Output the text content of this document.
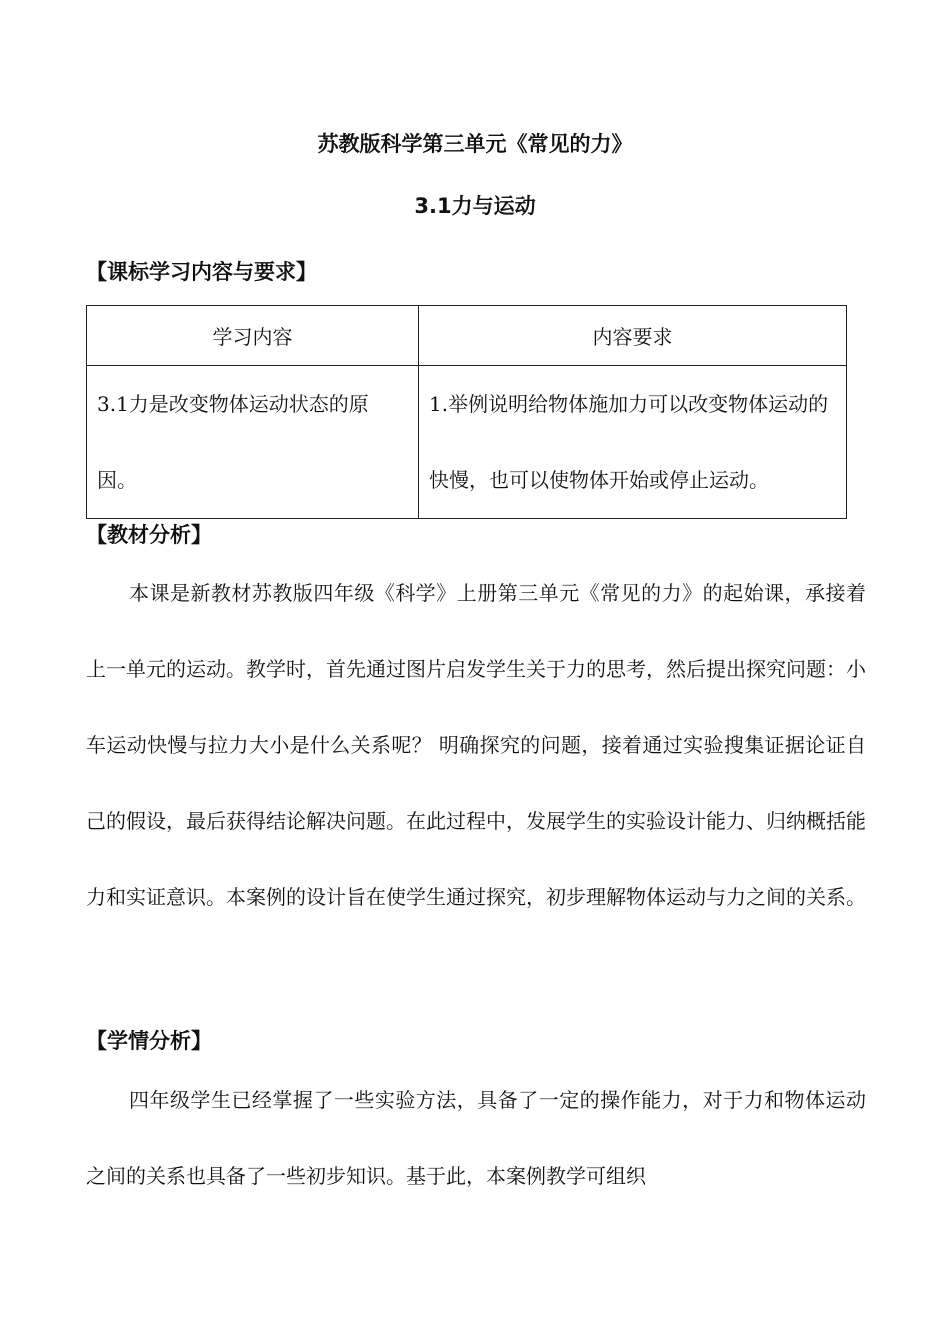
苏教版科学第三单元《常见的力》
3.1力与运动
【课标学习内容与要求】
学习内容	内容要求
3.1力是改变物体运动状态的原因。	1.举例说明给物体施加力可以改变物体运动的快慢，也可以使物体开始或停止运动。
【教材分析】

本课是新教材苏教版四年级《科学》上册第三单元《常见的力》的起始课，承接着上一单元的运动。教学时，首先通过图片启发学生关于力的思考，然后提出探究问题：小车运动快慢与拉力大小是什么关系呢？ 明确探究的问题，接着通过实验搜集证据论证自己的假设，最后获得结论解决问题。在此过程中，发展学生的实验设计能力、归纳概括能力和实证意识。本案例的设计旨在使学生通过探究，初步理解物体运动与力之间的关系。

【学情分析】

四年级学生已经掌握了一些实验方法，具备了一定的操作能力，对于力和物体运动之间的关系也具备了一些初步知识。基于此，本案例教学可组织
